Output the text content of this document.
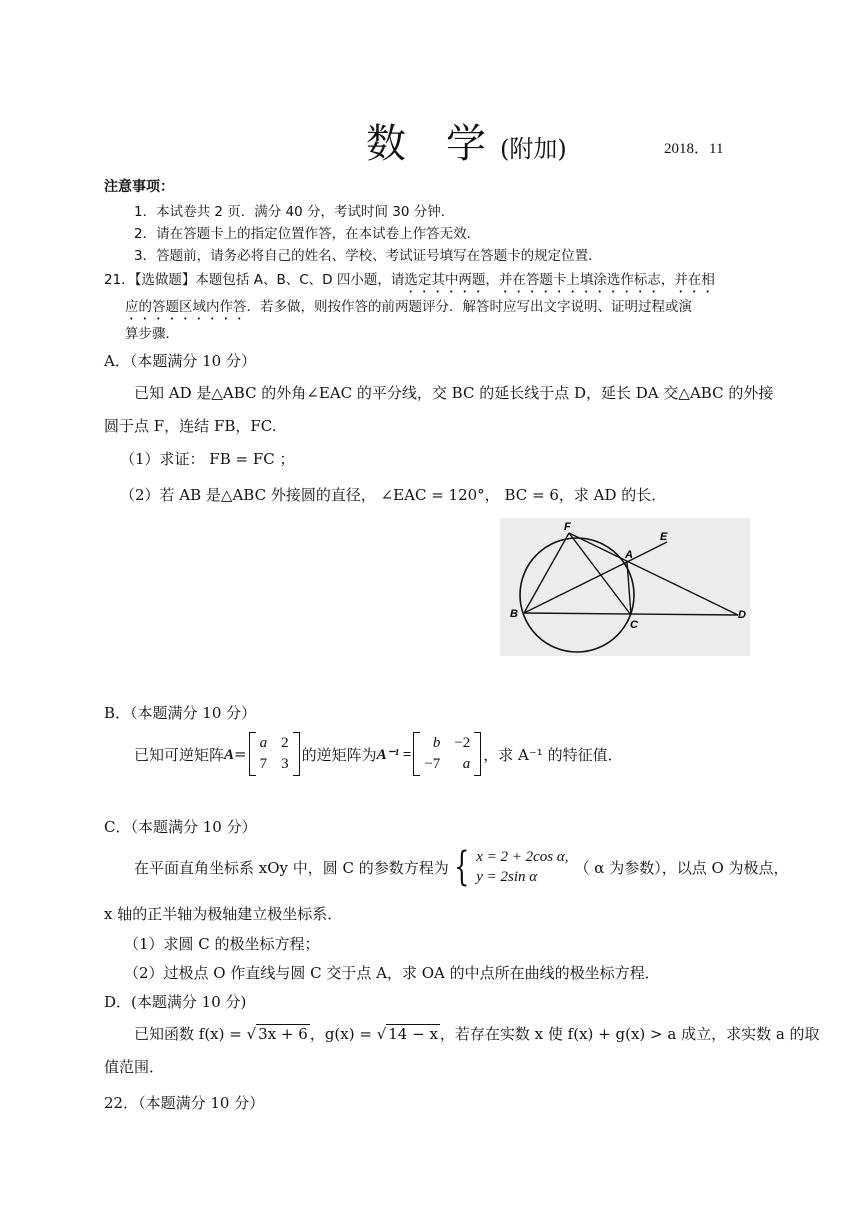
数　学 (附加)	2018．11
注意事项：
1．本试卷共 2 页．满分 40 分，考试时间 30 分钟．
2．请在答题卡上的指定位置作答，在本试卷上作答无效．
3．答题前，请务必将自己的姓名、学校、考试证号填写在答题卡的规定位置．
21．【选做题】本题包括 A、B、C、D 四小题，请选定其中两题，并在答题卡上填涂选作标志，并在相
应的答题区域内作答．若多做，则按作答的前两题评分．解答时应写出文字说明、证明过程或演
算步骤．
A．（本题满分 10 分）
已知 AD 是△ABC 的外角∠EAC 的平分线，交 BC 的延长线于点 D，延长 DA 交△ABC 的外接
圆于点 F，连结 FB，FC.
（1）求证： FB = FC ；
（2）若 AB 是△ABC 外接圆的直径， ∠EAC = 120°， BC = 6，求 AD 的长．
F
A
E
B
C
D
B．（本题满分 10 分）
已知可逆矩阵 A =
a 2
7 3
的逆矩阵为 A⁻¹ =
b −2
−7	a
，求 A⁻¹ 的特征值．
C．（本题满分 10 分）
在平面直角坐标系 xOy 中，圆 C 的参数方程为 { x = 2 + 2cos α,
y = 2sin α
（ α 为参数），以点 O 为极点，
x 轴的正半轴为极轴建立极坐标系．
（1）求圆 C 的极坐标方程；
（2）过极点 O 作直线与圆 C 交于点 A，求 OA 的中点所在曲线的极坐标方程．
D．(本题满分 10 分)
已知函数 f(x) = √ 3x + 6 ，g(x) = √ 14 − x ，若存在实数 x 使 f(x) + g(x) > a 成立，求实数 a 的取
值范围．
22．（本题满分 10 分）
